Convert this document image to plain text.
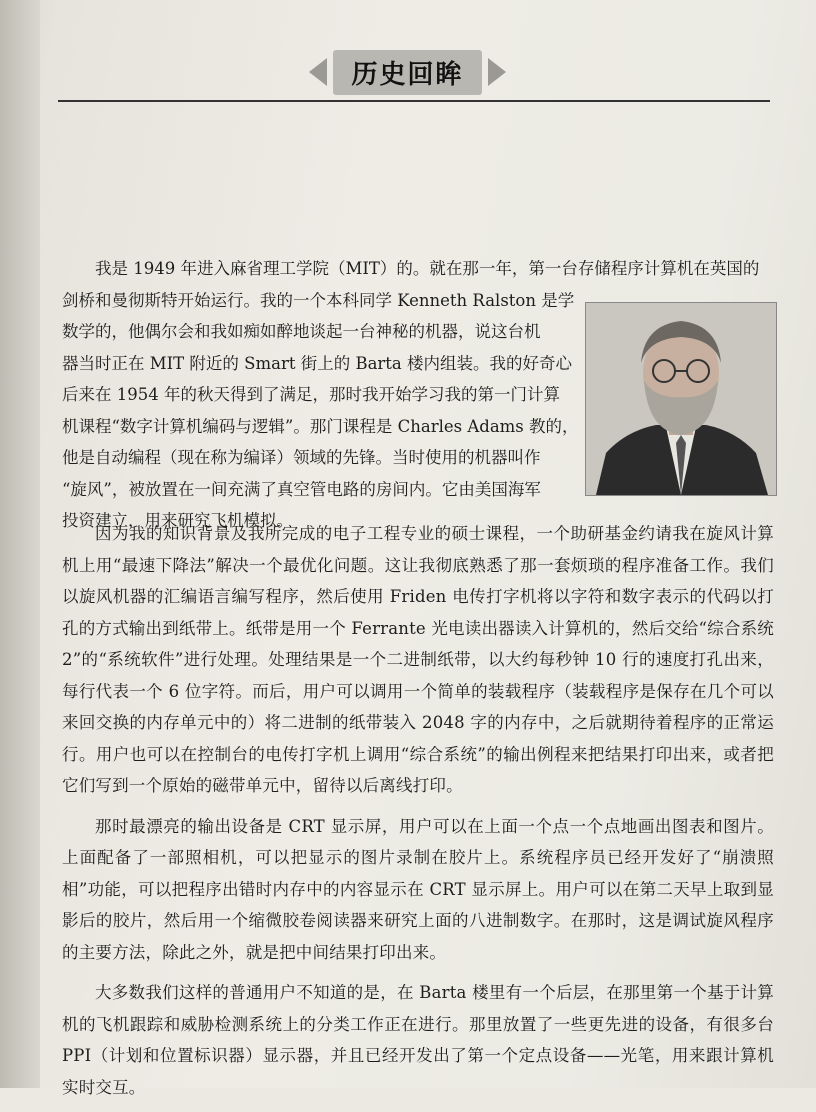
历史回眸
　　我是 1949 年进入麻省理工学院（MIT）的。就在那一年，第一台存储程序计算机在英国的
剑桥和曼彻斯特开始运行。我的一个本科同学 Kenneth Ralston 是学
数学的，他偶尔会和我如痴如醉地谈起一台神秘的机器，说这台机
器当时正在 MIT 附近的 Smart 街上的 Barta 楼内组装。我的好奇心
后来在 1954 年的秋天得到了满足，那时我开始学习我的第一门计算
机课程“数字计算机编码与逻辑”。那门课程是 Charles Adams 教的，
他是自动编程（现在称为编译）领域的先锋。当时使用的机器叫作
“旋风”，被放置在一间充满了真空管电路的房间内。它由美国海军
投资建立，用来研究飞机模拟。

因为我的知识背景及我所完成的电子工程专业的硕士课程，一个助研基金约请我在旋风计算机上用“最速下降法”解决一个最优化问题。这让我彻底熟悉了那一套烦琐的程序准备工作。我们以旋风机器的汇编语言编写程序，然后使用 Friden 电传打字机将以字符和数字表示的代码以打孔的方式输出到纸带上。纸带是用一个 Ferrante 光电读出器读入计算机的，然后交给“综合系统 2”的“系统软件”进行处理。处理结果是一个二进制纸带，以大约每秒钟 10 行的速度打孔出来，每行代表一个 6 位字符。而后，用户可以调用一个简单的装载程序（装载程序是保存在几个可以来回交换的内存单元中的）将二进制的纸带装入 2048 字的内存中，之后就期待着程序的正常运行。用户也可以在控制台的电传打字机上调用“综合系统”的输出例程来把结果打印出来，或者把它们写到一个原始的磁带单元中，留待以后离线打印。

那时最漂亮的输出设备是 CRT 显示屏，用户可以在上面一个点一个点地画出图表和图片。上面配备了一部照相机，可以把显示的图片录制在胶片上。系统程序员已经开发好了“崩溃照相”功能，可以把程序出错时内存中的内容显示在 CRT 显示屏上。用户可以在第二天早上取到显影后的胶片，然后用一个缩微胶卷阅读器来研究上面的八进制数字。在那时，这是调试旋风程序的主要方法，除此之外，就是把中间结果打印出来。

大多数我们这样的普通用户不知道的是，在 Barta 楼里有一个后层，在那里第一个基于计算机的飞机跟踪和威胁检测系统上的分类工作正在进行。那里放置了一些更先进的设备，有很多台 PPI（计划和位置标识器）显示器，并且已经开发出了第一个定点设备——光笔，用来跟计算机实时交互。
